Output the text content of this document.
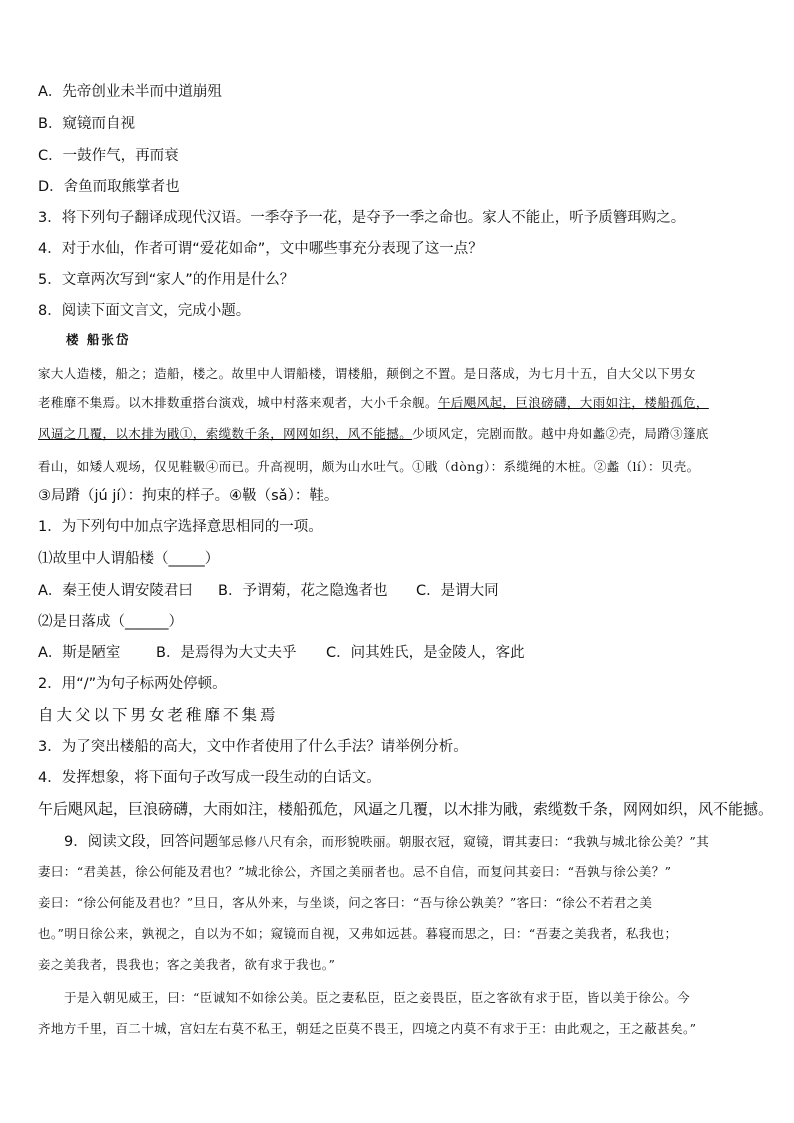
A．先帝创业未半而中道崩殂
B．窥镜而自视
C．一鼓作气，再而衰
D．舍鱼而取熊掌者也
3．将下列句子翻译成现代汉语。一季夺予一花，是夺予一季之命也。家人不能止，听予质簪珥购之。
4．对于水仙，作者可谓“爱花如命”，文中哪些事充分表现了这一点？
5．文章两次写到“家人”的作用是什么？
8．阅读下面文言文，完成小题。
楼 船张岱
家大人造楼，船之；造船，楼之。故里中人谓船楼，谓楼船，颠倒之不置。是日落成，为七月十五，自大父以下男女
老稚靡不集焉。以木排数重搭台演戏，城中村落来观者，大小千余舰。午后飓风起，巨浪磅礴，大雨如注，楼船孤危，
风逼之几覆，以木排为戙①，索缆数千条，网网如织，风不能撼。少顷风定，完剧而散。越中舟如蠡②壳，局蹐③篷底
看山，如矮人观场，仅见鞋靸④而已。升高视明，颇为山水吐气。①戙（dòng）：系缆绳的木桩。②蠡（lí）：贝壳。
③局蹐（jú jí）：拘束的样子。④靸（sǎ）：鞋。
1．为下列句中加点字选择意思相同的一项。
⑴故里中人谓船楼（_____）
A．秦王使人谓安陵君曰 B．予谓菊，花之隐逸者也 C．是谓大同
⑵是日落成（______）
A．斯是陋室 B．是焉得为大丈夫乎 C．问其姓氏，是金陵人，客此
2．用“/”为句子标两处停顿。
自大父以下男女老稚靡不集焉
3．为了突出楼船的高大，文中作者使用了什么手法？请举例分析。
4．发挥想象，将下面句子改写成一段生动的白话文。
午后飓风起，巨浪磅礴，大雨如注，楼船孤危，风逼之几覆，以木排为戙，索缆数千条，网网如织，风不能撼。
9．阅读文段，回答问题邹忌修八尺有余，而形貌昳丽。朝服衣冠，窥镜，谓其妻曰：“我孰与城北徐公美？”其
妻曰：“君美甚，徐公何能及君也？”城北徐公，齐国之美丽者也。忌不自信，而复问其妾曰：“吾孰与徐公美？”
妾曰：“徐公何能及君也？”旦日，客从外来，与坐谈，问之客曰：“吾与徐公孰美？”客曰：“徐公不若君之美
也。”明日徐公来，孰视之，自以为不如；窥镜而自视，又弗如远甚。暮寝而思之，曰：“吾妻之美我者，私我也；
妾之美我者，畏我也；客之美我者，欲有求于我也。”
于是入朝见威王，曰：“臣诚知不如徐公美。臣之妻私臣，臣之妾畏臣，臣之客欲有求于臣，皆以美于徐公。今
齐地方千里，百二十城，宫妇左右莫不私王，朝廷之臣莫不畏王，四境之内莫不有求于王：由此观之，王之蔽甚矣。”
